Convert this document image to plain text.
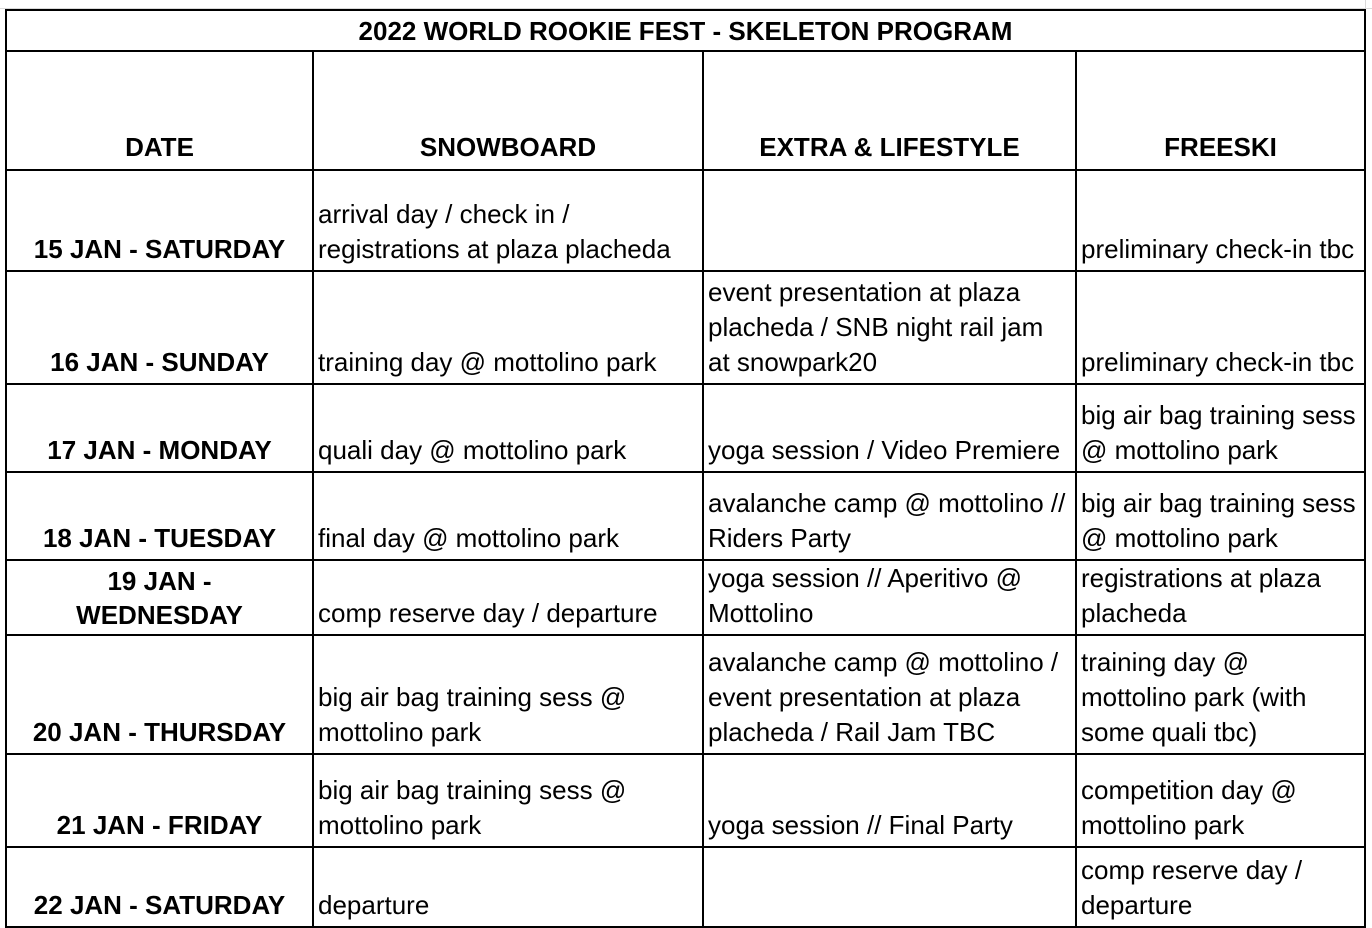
2022 WORLD ROOKIE FEST - SKELETON PROGRAM			
DATE	SNOWBOARD	EXTRA & LIFESTYLE	FREESKI
15 JAN - SATURDAY	arrival day / check in / registrations at plaza placheda		preliminary check-in tbc
16 JAN - SUNDAY	training day @ mottolino park	event presentation at plaza placheda / SNB night rail jam at snowpark20	preliminary check-in tbc
17 JAN - MONDAY	quali day @ mottolino park	yoga session / Video Premiere	big air bag training sess @ mottolino park
18 JAN - TUESDAY	final day @ mottolino park	avalanche camp @ mottolino // Riders Party	big air bag training sess @ mottolino park
19 JAN - WEDNESDAY	comp reserve day / departure	yoga session // Aperitivo @ Mottolino	registrations at plaza placheda
20 JAN - THURSDAY	big air bag training sess @ mottolino park	avalanche camp @ mottolino / event presentation at plaza placheda / Rail Jam TBC	training day @ mottolino park (with some quali tbc)
21 JAN - FRIDAY	big air bag training sess @ mottolino park	yoga session // Final Party	competition day @ mottolino park
22 JAN - SATURDAY	departure		comp reserve day / departure
